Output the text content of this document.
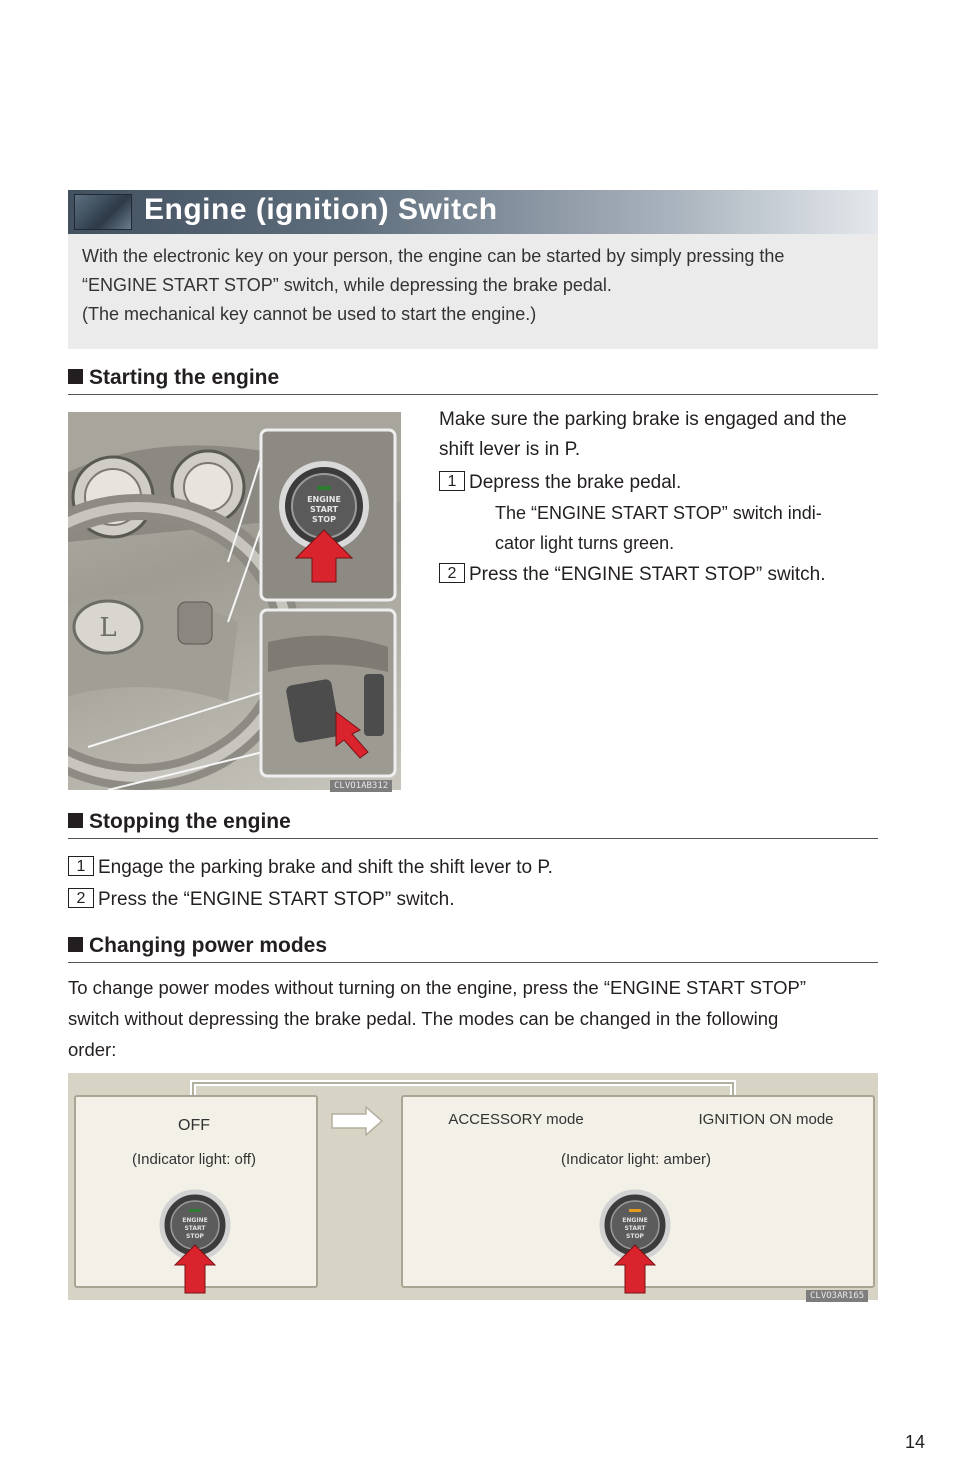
Engine (ignition) Switch

With the electronic key on your person, the engine can be started by simply pressing the

“ENGINE START STOP” switch, while depressing the brake pedal.

(The mechanical key cannot be used to start the engine.)

Starting the engine
L
ENGINE
START
STOP
CLVO1AB312
Make sure the parking brake is engaged and the
shift lever is in P.
1 Depress the brake pedal.
The “ENGINE START STOP” switch indi-
cator light turns green.
2 Press the “ENGINE START STOP” switch.
Stopping the engine
1 Engage the parking brake and shift the shift lever to P.
2 Press the “ENGINE START STOP” switch.
Changing power modes
To change power modes without turning on the engine, press the “ENGINE START STOP”
switch without depressing the brake pedal. The modes can be changed in the following
order:
OFF
(Indicator light: off)
ACCESSORY mode	IGNITION ON mode
(Indicator light: amber)
ENGINE
START
STOP
ENGINE
START
STOP
CLVO3AR165
14
